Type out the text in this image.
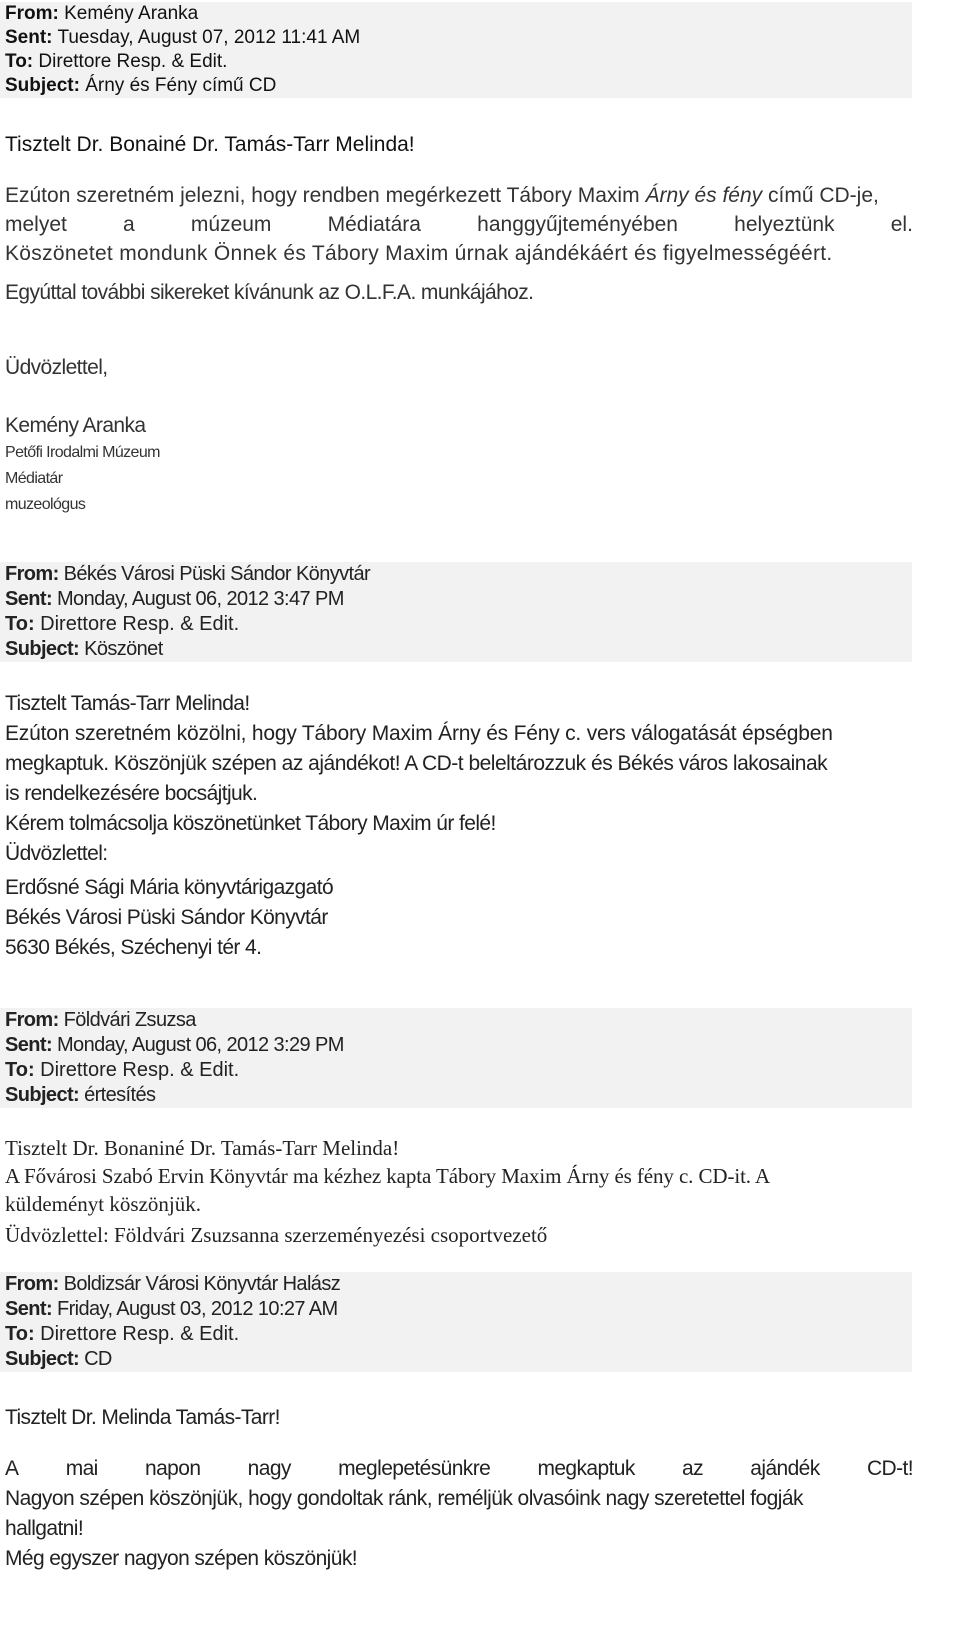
From: Kemény Aranka
Sent: Tuesday, August 07, 2012 11:41 AM
To: Direttore Resp. & Edit.
Subject: Árny és Fény című CD
Tisztelt Dr. Bonainé Dr. Tamás-Tarr Melinda!
Ezúton szeretném jelezni, hogy rendben megérkezett Tábory Maxim Árny és fény című CD-je,
melyet	a	múzeum	Médiatára	hanggyűjteményében	helyeztünk	el.
Köszönetet mondunk Önnek és Tábory Maxim úrnak ajándékáért és figyelmességéért.
Egyúttal további sikereket kívánunk az O.L.F.A. munkájához.
Üdvözlettel,
Kemény Aranka
Petőfi Irodalmi Múzeum
Médiatár
muzeológus
From: Békés Városi Püski Sándor Könyvtár
Sent: Monday, August 06, 2012 3:47 PM
To: Direttore Resp. & Edit.
Subject: Köszönet
Tisztelt Tamás-Tarr Melinda!
Ezúton szeretném közölni, hogy Tábory Maxim Árny és Fény c. vers válogatását épségben
megkaptuk. Köszönjük szépen az ajándékot! A CD-t beleltározzuk és Békés város lakosainak
is rendelkezésére bocsájtjuk.
Kérem tolmácsolja köszönetünket Tábory Maxim úr felé!
Üdvözlettel:
Erdősné Sági Mária könyvtárigazgató
Békés Városi Püski Sándor Könyvtár
5630 Békés, Széchenyi tér 4.
From: Földvári Zsuzsa
Sent: Monday, August 06, 2012 3:29 PM
To: Direttore Resp. & Edit.
Subject: értesítés
Tisztelt Dr. Bonaniné Dr. Tamás-Tarr Melinda!
A Fővárosi Szabó Ervin Könyvtár ma kézhez kapta Tábory Maxim Árny és fény c. CD-it. A
küldeményt köszönjük.
Üdvözlettel: Földvári Zsuzsanna szerzeményezési csoportvezető
From: Boldizsár Városi Könyvtár Halász
Sent: Friday, August 03, 2012 10:27 AM
To: Direttore Resp. & Edit.
Subject: CD
Tisztelt Dr. Melinda Tamás-Tarr!
A mai napon nagy meglepetésünkre megkaptuk az ajándék CD-t!
Nagyon szépen köszönjük, hogy gondoltak ránk, reméljük olvasóink nagy szeretettel fogják
hallgatni!
Még egyszer nagyon szépen köszönjük!
